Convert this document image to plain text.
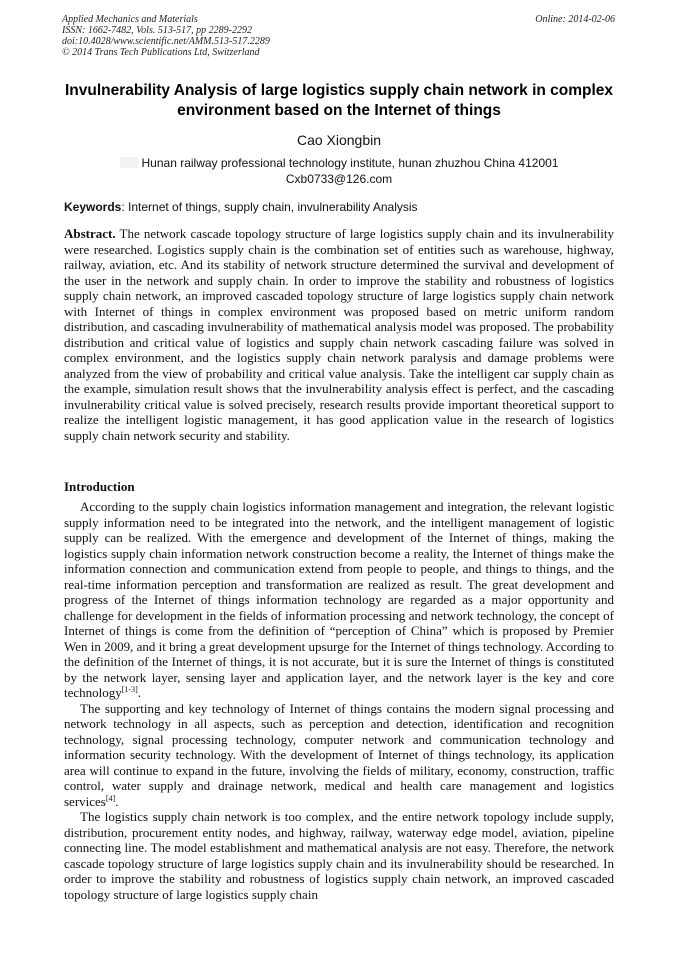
Applied Mechanics and Materials
ISSN: 1662-7482, Vols. 513-517, pp 2289-2292
doi:10.4028/www.scientific.net/AMM.513-517.2289
© 2014 Trans Tech Publications Ltd, Switzerland
Online: 2014-02-06
Invulnerability Analysis of large logistics supply chain network in complex environment based on the Internet of things
Cao Xiongbin
Hunan railway professional technology institute, hunan zhuzhou China 412001
Cxb0733@126.com
Keywords: Internet of things, supply chain, invulnerability Analysis
Abstract. The network cascade topology structure of large logistics supply chain and its invulnerability were researched. Logistics supply chain is the combination set of entities such as warehouse, highway, railway, aviation, etc. And its stability of network structure determined the survival and development of the user in the network and supply chain. In order to improve the stability and robustness of logistics supply chain network, an improved cascaded topology structure of large logistics supply chain network with Internet of things in complex environment was proposed based on metric uniform random distribution, and cascading invulnerability of mathematical analysis model was proposed. The probability distribution and critical value of logistics and supply chain network cascading failure was solved in complex environment, and the logistics supply chain network paralysis and damage problems were analyzed from the view of probability and critical value analysis. Take the intelligent car supply chain as the example, simulation result shows that the invulnerability analysis effect is perfect, and the cascading invulnerability critical value is solved precisely, research results provide important theoretical support to realize the intelligent logistic management, it has good application value in the research of logistics supply chain network security and stability.
Introduction

According to the supply chain logistics information management and integration, the relevant logistic supply information need to be integrated into the network, and the intelligent management of logistic supply can be realized. With the emergence and development of the Internet of things, making the logistics supply chain information network construction become a reality, the Internet of things make the information connection and communication extend from people to people, and things to things, and the real-time information perception and transformation are realized as result. The great development and progress of the Internet of things information technology are regarded as a major opportunity and challenge for development in the fields of information processing and network technology, the concept of Internet of things is come from the definition of “perception of China” which is proposed by Premier Wen in 2009, and it bring a great development upsurge for the Internet of things technology. According to the definition of the Internet of things, it is not accurate, but it is sure the Internet of things is constituted by the network layer, sensing layer and application layer, and the network layer is the key and core technology[1-3].

The supporting and key technology of Internet of things contains the modern signal processing and network technology in all aspects, such as perception and detection, identification and recognition technology, signal processing technology, computer network and communication technology and information security technology. With the development of Internet of things technology, its application area will continue to expand in the future, involving the fields of military, economy, construction, traffic control, water supply and drainage network, medical and health care management and logistics services[4].

The logistics supply chain network is too complex, and the entire network topology include supply, distribution, procurement entity nodes, and highway, railway, waterway edge model, aviation, pipeline connecting line. The model establishment and mathematical analysis are not easy. Therefore, the network cascade topology structure of large logistics supply chain and its invulnerability should be researched. In order to improve the stability and robustness of logistics supply chain network, an improved cascaded topology structure of large logistics supply chain
